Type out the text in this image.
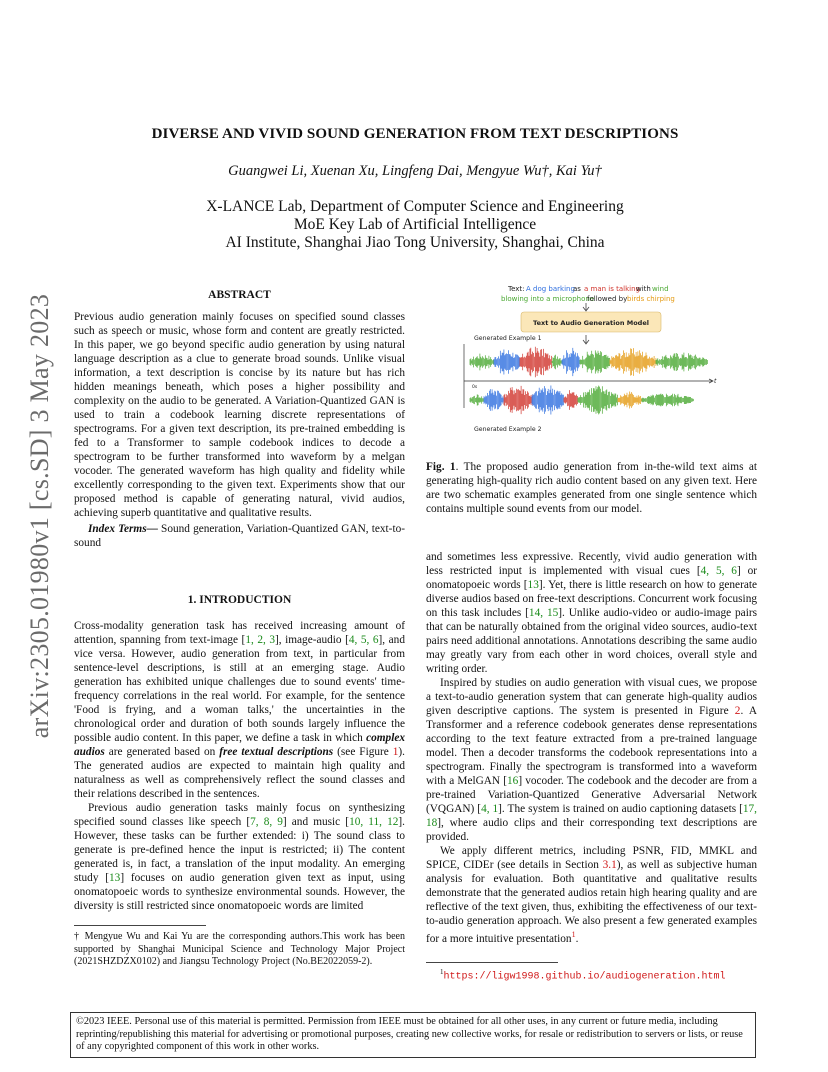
arXiv:2305.01980v1 [cs.SD] 3 May 2023
DIVERSE AND VIVID SOUND GENERATION FROM TEXT DESCRIPTIONS
Guangwei Li, Xuenan Xu, Lingfeng Dai, Mengyue Wu†, Kai Yu†
X-LANCE Lab, Department of Computer Science and Engineering
MoE Key Lab of Artificial Intelligence
AI Institute, Shanghai Jiao Tong University, Shanghai, China
ABSTRACT

Previous audio generation mainly focuses on specified sound classes such as speech or music, whose form and content are greatly restricted. In this paper, we go beyond specific audio generation by using natural language description as a clue to generate broad sounds. Unlike visual information, a text description is concise by its nature but has rich hidden meanings beneath, which poses a higher possibility and complexity on the audio to be generated. A Variation-Quantized GAN is used to train a codebook learning discrete representations of spectrograms. For a given text description, its pre-trained embedding is fed to a Transformer to sample codebook indices to decode a spectrogram to be further transformed into waveform by a melgan vocoder. The generated waveform has high quality and fidelity while excellently corresponding to the given text. Experiments show that our proposed method is capable of generating natural, vivid audios, achieving superb quantitative and qualitative results.

Index Terms— Sound generation, Variation-Quantized GAN, text-to-sound

1. INTRODUCTION

Cross-modality generation task has received increasing amount of attention, spanning from text-image [1, 2, 3], image-audio [4, 5, 6], and vice versa. However, audio generation from text, in particular from sentence-level descriptions, is still at an emerging stage. Audio generation has exhibited unique challenges due to sound events' time-frequency correlations in the real world. For example, for the sentence 'Food is frying, and a woman talks,' the uncertainties in the chronological order and duration of both sounds largely influence the possible audio content. In this paper, we define a task in which complex audios are generated based on free textual descriptions (see Figure 1). The generated audios are expected to maintain high quality and naturalness as well as comprehensively reflect the sound classes and their relations described in the sentences.

Previous audio generation tasks mainly focus on synthesizing specified sound classes like speech [7, 8, 9] and music [10, 11, 12]. However, these tasks can be further extended: i) The sound class to generate is pre-defined hence the input is restricted; ii) The content generated is, in fact, a translation of the input modality. An emerging study [13] focuses on audio generation given text as input, using onomatopoeic words to synthesize environmental sounds. However, the diversity is still restricted since onomatopoeic words are limited

† Mengyue Wu and Kai Yu are the corresponding authors.This work has been supported by Shanghai Municipal Science and Technology Major Project (2021SHZDZX0102) and Jiangsu Technology Project (No.BE2022059-2).
Text: A dog barking
as a man is talking
with wind
blowing into a microphone
followed by birds chirping
Text to Audio Generation Model
Generated Example 1
t
0s
Generated Example 2
Fig. 1. The proposed audio generation from in-the-wild text aims at generating high-quality rich audio content based on any given text. Here are two schematic examples generated from one single sentence which contains multiple sound events from our model.

and sometimes less expressive. Recently, vivid audio generation with less restricted input is implemented with visual cues [4, 5, 6] or onomatopoeic words [13]. Yet, there is little research on how to generate diverse audios based on free-text descriptions. Concurrent work focusing on this task includes [14, 15]. Unlike audio-video or audio-image pairs that can be naturally obtained from the original video sources, audio-text pairs need additional annotations. Annotations describing the same audio may greatly vary from each other in word choices, overall style and writing order.

Inspired by studies on audio generation with visual cues, we propose a text-to-audio generation system that can generate high-quality audios given descriptive captions. The system is presented in Figure 2. A Transformer and a reference codebook generates dense representations according to the text feature extracted from a pre-trained language model. Then a decoder transforms the codebook representations into a spectrogram. Finally the spectrogram is transformed into a waveform with a MelGAN [16] vocoder. The codebook and the decoder are from a pre-trained Variation-Quantized Generative Adversarial Network (VQGAN) [4, 1]. The system is trained on audio captioning datasets [17, 18], where audio clips and their corresponding text descriptions are provided.

We apply different metrics, including PSNR, FID, MMKL and SPICE, CIDEr (see details in Section 3.1), as well as subjective human analysis for evaluation. Both quantitative and qualitative results demonstrate that the generated audios retain high hearing quality and are reflective of the text given, thus, exhibiting the effectiveness of our text-to-audio generation approach. We also present a few generated examples for a more intuitive presentation$^1$.

$^1$https://ligw1998.github.io/audiogeneration.html
©2023 IEEE. Personal use of this material is permitted. Permission from IEEE must be obtained for all other uses, in any current or future media, including reprinting/republishing this material for advertising or promotional purposes, creating new collective works, for resale or redistribution to servers or lists, or reuse of any copyrighted component of this work in other works.
